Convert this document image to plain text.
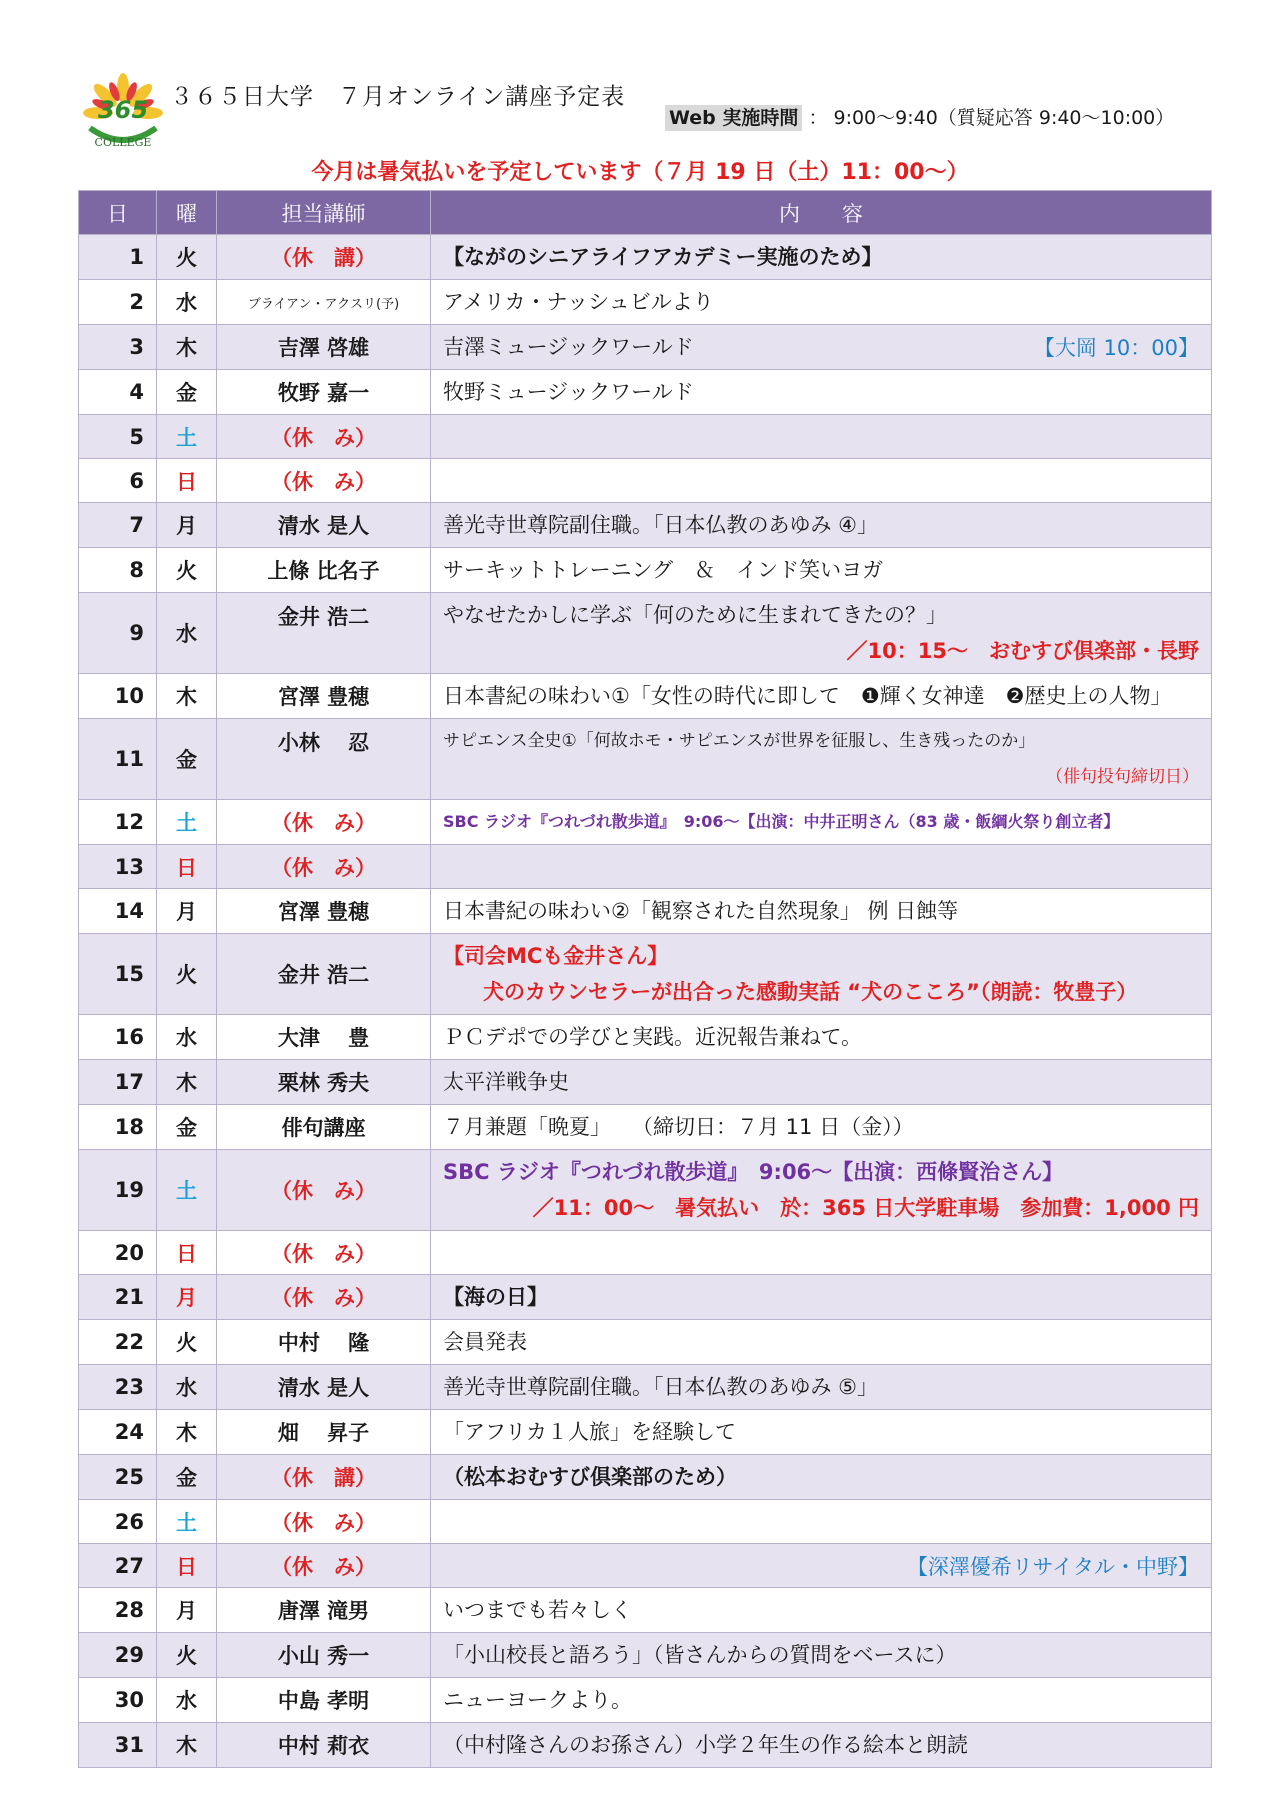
365
COLLEGE
３６５日大学　７月オンライン講座予定表
Web 実施時間 ： 9:00～9:40（質疑応答 9:40～10:00）
今月は暑気払いを予定しています（７月 19 日（土）11：00～）
日	曜	担当講師	内　　容
1	火	（休　講）	【ながのシニアライフアカデミー実施のため】

2	水	ブライアン・アクスリ(予)	アメリカ・ナッシュビルより

3	木	吉澤 啓雄	吉澤ミュージックワールド 【大岡 10：00】

4	金	牧野 嘉一	牧野ミュージックワールド

5	土	（休　み）	
6	日	（休　み）	
7	月	清水 是人	善光寺世尊院副住職。「日本仏教のあゆみ ④」

8	火	上條 比名子	サーキットトレーニング　＆　インド笑いヨガ

9	水	金井 浩二	やなせたかしに学ぶ「何のために生まれてきたの？」
／10：15～　おむすび倶楽部・長野

10	木	宮澤 豊穂	日本書紀の味わい①「女性の時代に即して　❶輝く女神達　❷歴史上の人物」

11	金	小林　 忍	サピエンス全史①「何故ホモ・サピエンスが世界を征服し、生き残ったのか」
（俳句投句締切日）

12	土	（休　み）	SBC ラジオ『つれづれ散歩道』　9:06～【出演：中井正明さん（83 歳・飯綱火祭り創立者】

13	日	（休　み）	
14	月	宮澤 豊穂	日本書紀の味わい②「観察された自然現象」 例 日蝕等

15	火	金井 浩二	【司会MCも金井さん】
犬のカウンセラーが出合った感動実話 “犬のこころ”（朗読：牧豊子）

16	水	大津　 豊	ＰＣデポでの学びと実践。近況報告兼ねて。

17	木	栗林 秀夫	太平洋戦争史

18	金	俳句講座	７月兼題「晩夏」　　（締切日：７月 11 日（金））

19	土	（休　み）	SBC ラジオ『つれづれ散歩道』　9:06～【出演：西條賢治さん】
／11：00～　暑気払い　於：365 日大学駐車場　参加費：1,000 円

20	日	（休　み）	
21	月	（休　み）	【海の日】

22	火	中村　 隆	会員発表

23	水	清水 是人	善光寺世尊院副住職。「日本仏教のあゆみ ⑤」

24	木	畑　 昇子	「アフリカ１人旅」を経験して

25	金	（休　講）	（松本おむすび倶楽部のため）

26	土	（休　み）	
27	日	（休　み）	【深澤優希リサイタル・中野】

28	月	唐澤 滝男	いつまでも若々しく

29	火	小山 秀一	「小山校長と語ろう」（皆さんからの質問をベースに）

30	水	中島 孝明	ニューヨークより。

31	木	中村 莉衣	（中村隆さんのお孫さん）小学２年生の作る絵本と朗読
